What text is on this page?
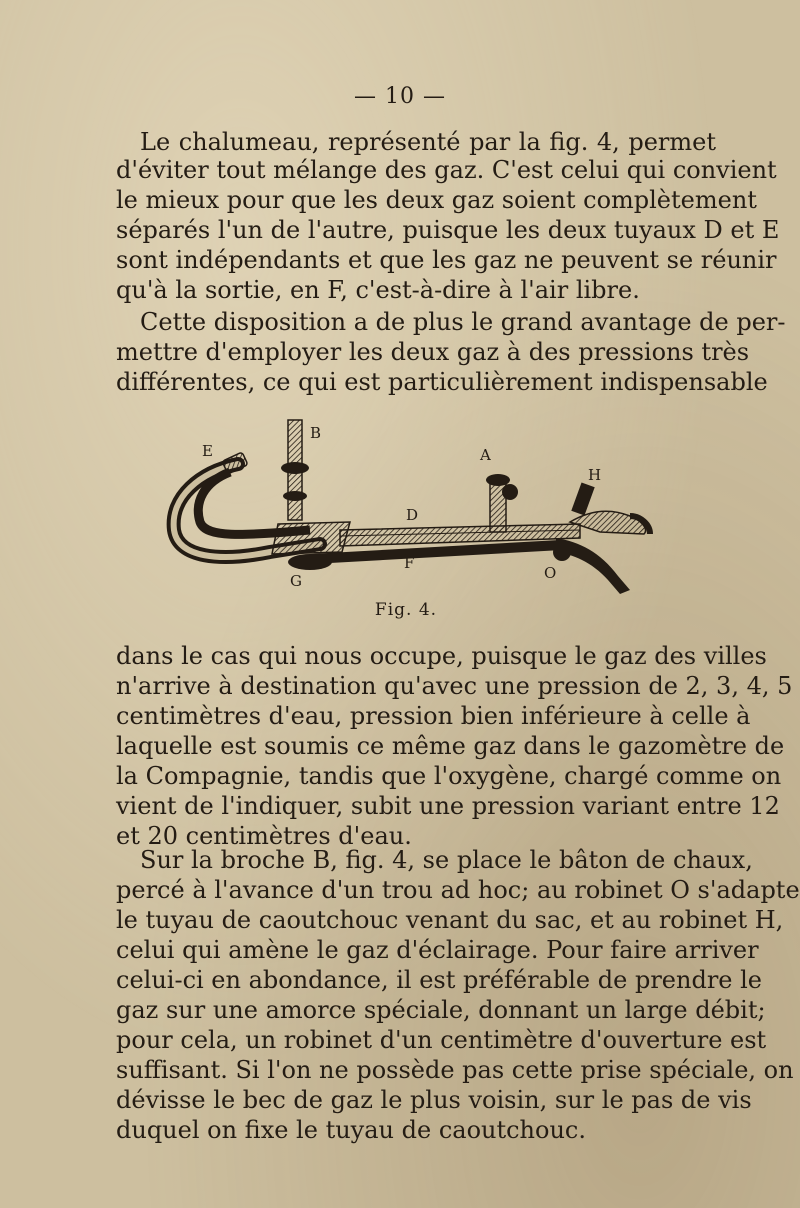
— 10 —
Le chalumeau, représenté par la fig. 4, permet
d'éviter tout mélange des gaz. C'est celui qui convient
le mieux pour que les deux gaz soient complètement
séparés l'un de l'autre, puisque les deux tuyaux D et E
sont indépendants et que les gaz ne peuvent se réunir
qu'à la sortie, en F, c'est-à-dire à l'air libre.
Cette disposition a de plus le grand avantage de per-
mettre d'employer les deux gaz à des pressions très
différentes, ce qui est particulièrement indispensable
E
B
A
H
D
F
G	O
Fig. 4.
dans le cas qui nous occupe, puisque le gaz des villes
n'arrive à destination qu'avec une pression de 2, 3, 4, 5
centimètres d'eau, pression bien inférieure à celle à
laquelle est soumis ce même gaz dans le gazomètre de
la Compagnie, tandis que l'oxygène, chargé comme on
vient de l'indiquer, subit une pression variant entre 12
et 20 centimètres d'eau.
Sur la broche B, fig. 4, se place le bâton de chaux,
percé à l'avance d'un trou ad hoc; au robinet O s'adapte
le tuyau de caoutchouc venant du sac, et au robinet H,
celui qui amène le gaz d'éclairage. Pour faire arriver
celui-ci en abondance, il est préférable de prendre le
gaz sur une amorce spéciale, donnant un large débit;
pour cela, un robinet d'un centimètre d'ouverture est
suffisant. Si l'on ne possède pas cette prise spéciale, on
dévisse le bec de gaz le plus voisin, sur le pas de vis
duquel on fixe le tuyau de caoutchouc.
